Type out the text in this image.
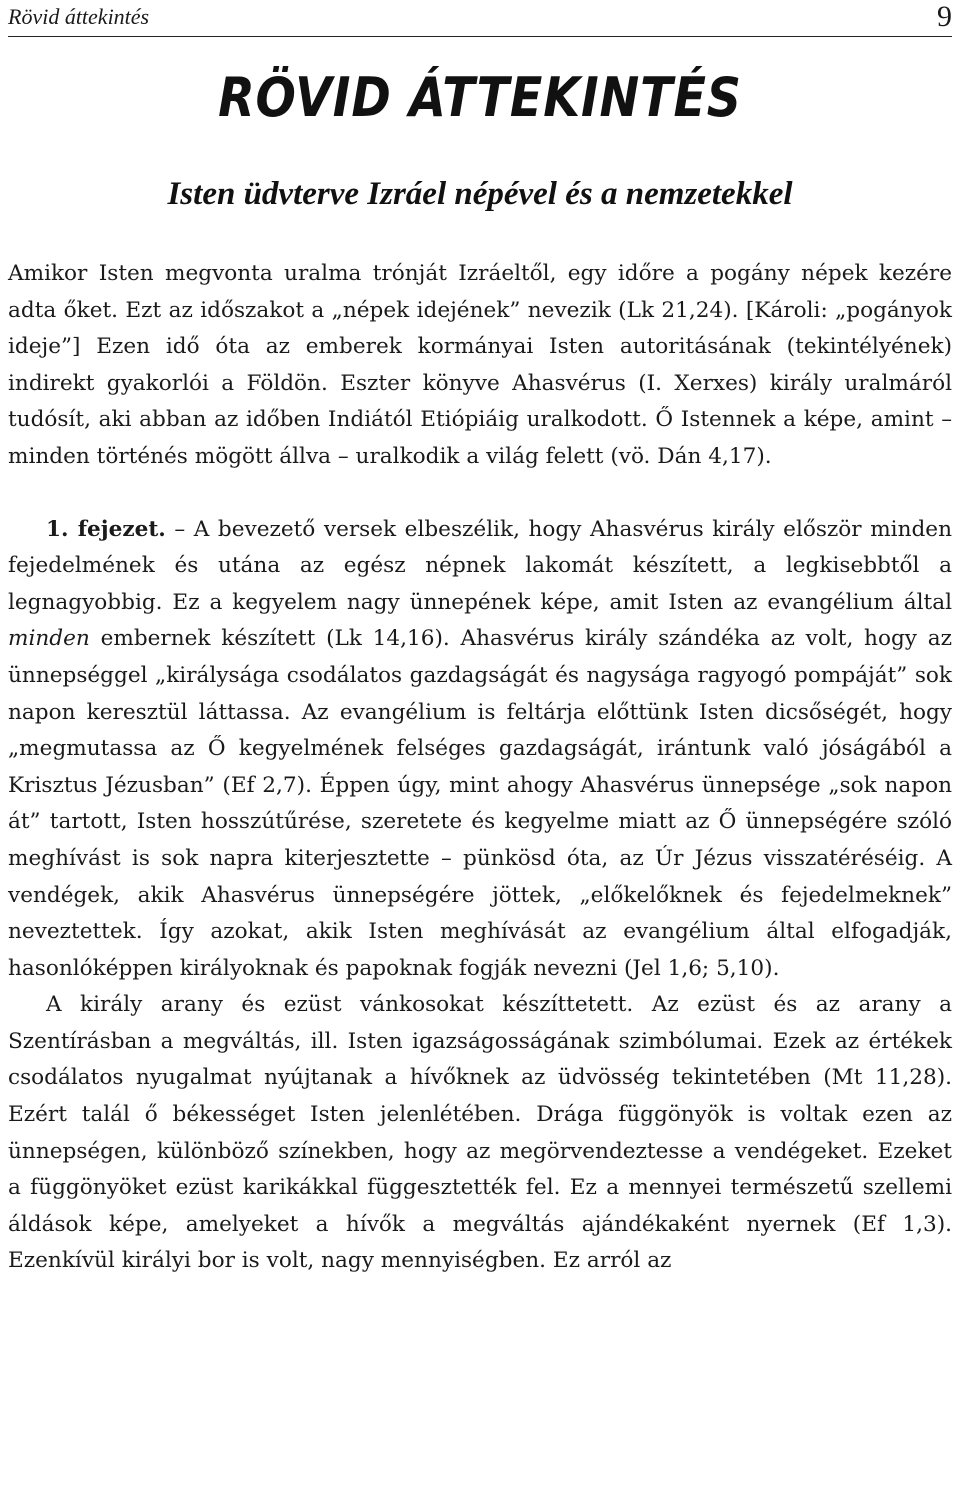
Rövid áttekintés	9
RÖVID ÁTTEKINTÉS
Isten üdvterve Izráel népével és a nemzetekkel

Amikor Isten megvonta uralma trónját Izráeltől, egy időre a pogány népek kezére adta őket. Ezt az időszakot a „népek idejének” nevezik (Lk 21,24). [Károli: „pogányok ideje”] Ezen idő óta az emberek kormányai Isten autoritásának (tekintélyének) indirekt gyakorlói a Földön. Eszter könyve Ahasvérus (I. Xerxes) király uralmáról tudósít, aki abban az időben Indiától Etiópiáig uralkodott. Ő Istennek a képe, amint – minden történés mögött állva – uralkodik a világ felett (vö. Dán 4,17).

1. fejezet. – A bevezető versek elbeszélik, hogy Ahasvérus király először minden fejedelmének és utána az egész népnek lakomát készített, a legkisebbtől a legnagyobbig. Ez a kegyelem nagy ünnepének képe, amit Isten az evangélium által minden embernek készített (Lk 14,16). Ahasvérus király szándéka az volt, hogy az ünnepséggel „királysága csodálatos gazdagságát és nagysága ragyogó pompáját” sok napon keresztül láttassa. Az evangélium is feltárja előttünk Isten dicsőségét, hogy „megmutassa az Ő kegyelmének felséges gazdagságát, irántunk való jóságából a Krisztus Jézusban” (Ef 2,7). Éppen úgy, mint ahogy Ahasvérus ünnepsége „sok napon át” tartott, Isten hosszútűrése, szeretete és kegyelme miatt az Ő ünnepségére szóló meghívást is sok napra kiterjesztette – pünkösd óta, az Úr Jézus visszatéréséig. A vendégek, akik Ahasvérus ünnepségére jöttek, „előkelőknek és fejedelmeknek” neveztettek. Így azokat, akik Isten meghívását az evangélium által elfogadják, hasonlóképpen királyoknak és papoknak fogják nevezni (Jel 1,6; 5,10).

A király arany és ezüst vánkosokat készíttetett. Az ezüst és az arany a Szentírásban a megváltás, ill. Isten igazságosságának szimbólumai. Ezek az értékek csodálatos nyugalmat nyújtanak a hívőknek az üdvösség tekintetében (Mt 11,28). Ezért talál ő békességet Isten jelenlétében. Drága függönyök is voltak ezen az ünnepségen, különböző színekben, hogy az megörvendeztesse a vendégeket. Ezeket a függönyöket ezüst karikákkal függesztették fel. Ez a mennyei természetű szellemi áldások képe, amelyeket a hívők a megváltás ajándékaként nyernek (Ef 1,3). Ezenkívül királyi bor is volt, nagy mennyiségben. Ez arról az
